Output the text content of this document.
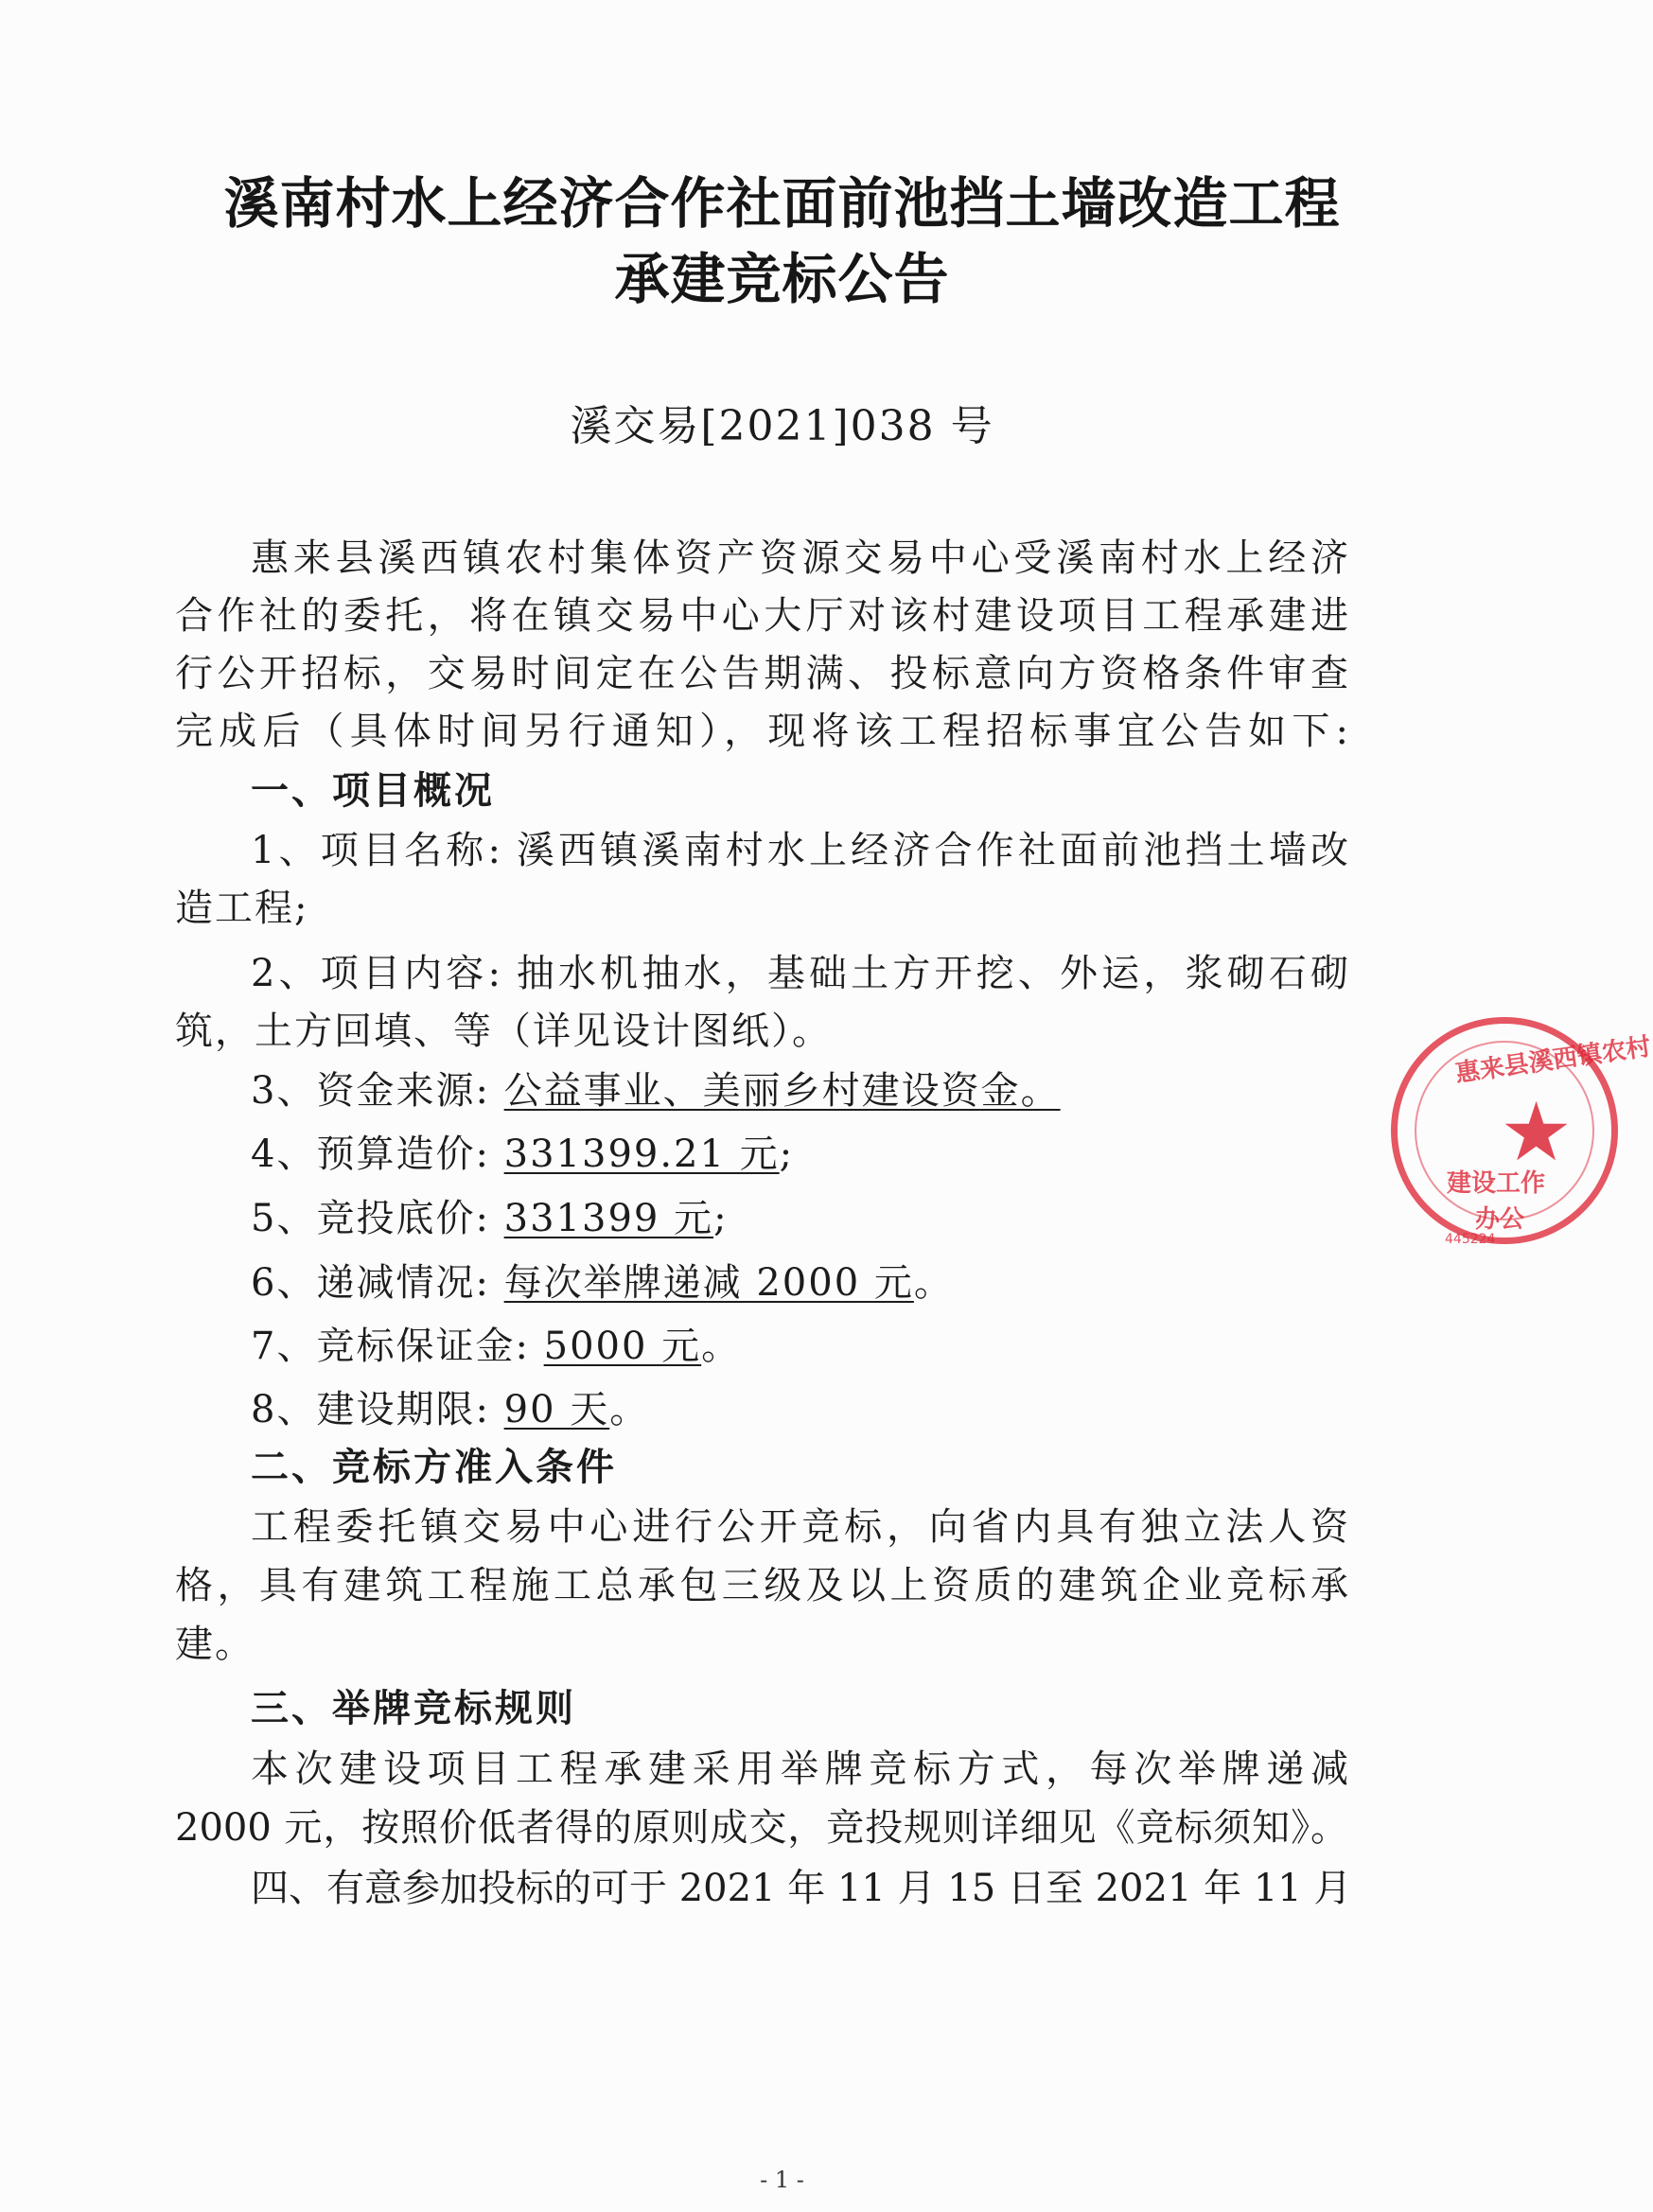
溪南村水上经济合作社面前池挡土墙改造工程
承建竞标公告
溪交易[2021]038 号
惠来县溪西镇农村集体资产资源交易中心受溪南村水上经济
合作社的委托，将在镇交易中心大厅对该村建设项目工程承建进
行公开招标，交易时间定在公告期满、投标意向方资格条件审查
完成后（具体时间另行通知），现将该工程招标事宜公告如下:
一、项目概况
1、项目名称: 溪西镇溪南村水上经济合作社面前池挡土墙改
造工程;
2、项目内容: 抽水机抽水，基础土方开挖、外运，浆砌石砌
筑，土方回填、等（详见设计图纸）。
3、资金来源: 公益事业、美丽乡村建设资金。
4、预算造价: 331399.21 元;
5、竞投底价: 331399 元;
6、递减情况: 每次举牌递减 2000 元。
7、竞标保证金: 5000 元。
8、建设期限: 90 天。
二、竞标方准入条件
工程委托镇交易中心进行公开竞标，向省内具有独立法人资
格，具有建筑工程施工总承包三级及以上资质的建筑企业竞标承
建。
三、举牌竞标规则
本次建设项目工程承建采用举牌竞标方式，每次举牌递减
2000 元，按照价低者得的原则成交，竞投规则详细见《竞标须知》。
四、有意参加投标的可于 2021 年 11 月 15 日至 2021 年 11 月
- 1 -
★
惠来县溪西镇农村
建设工作
办公
445224
